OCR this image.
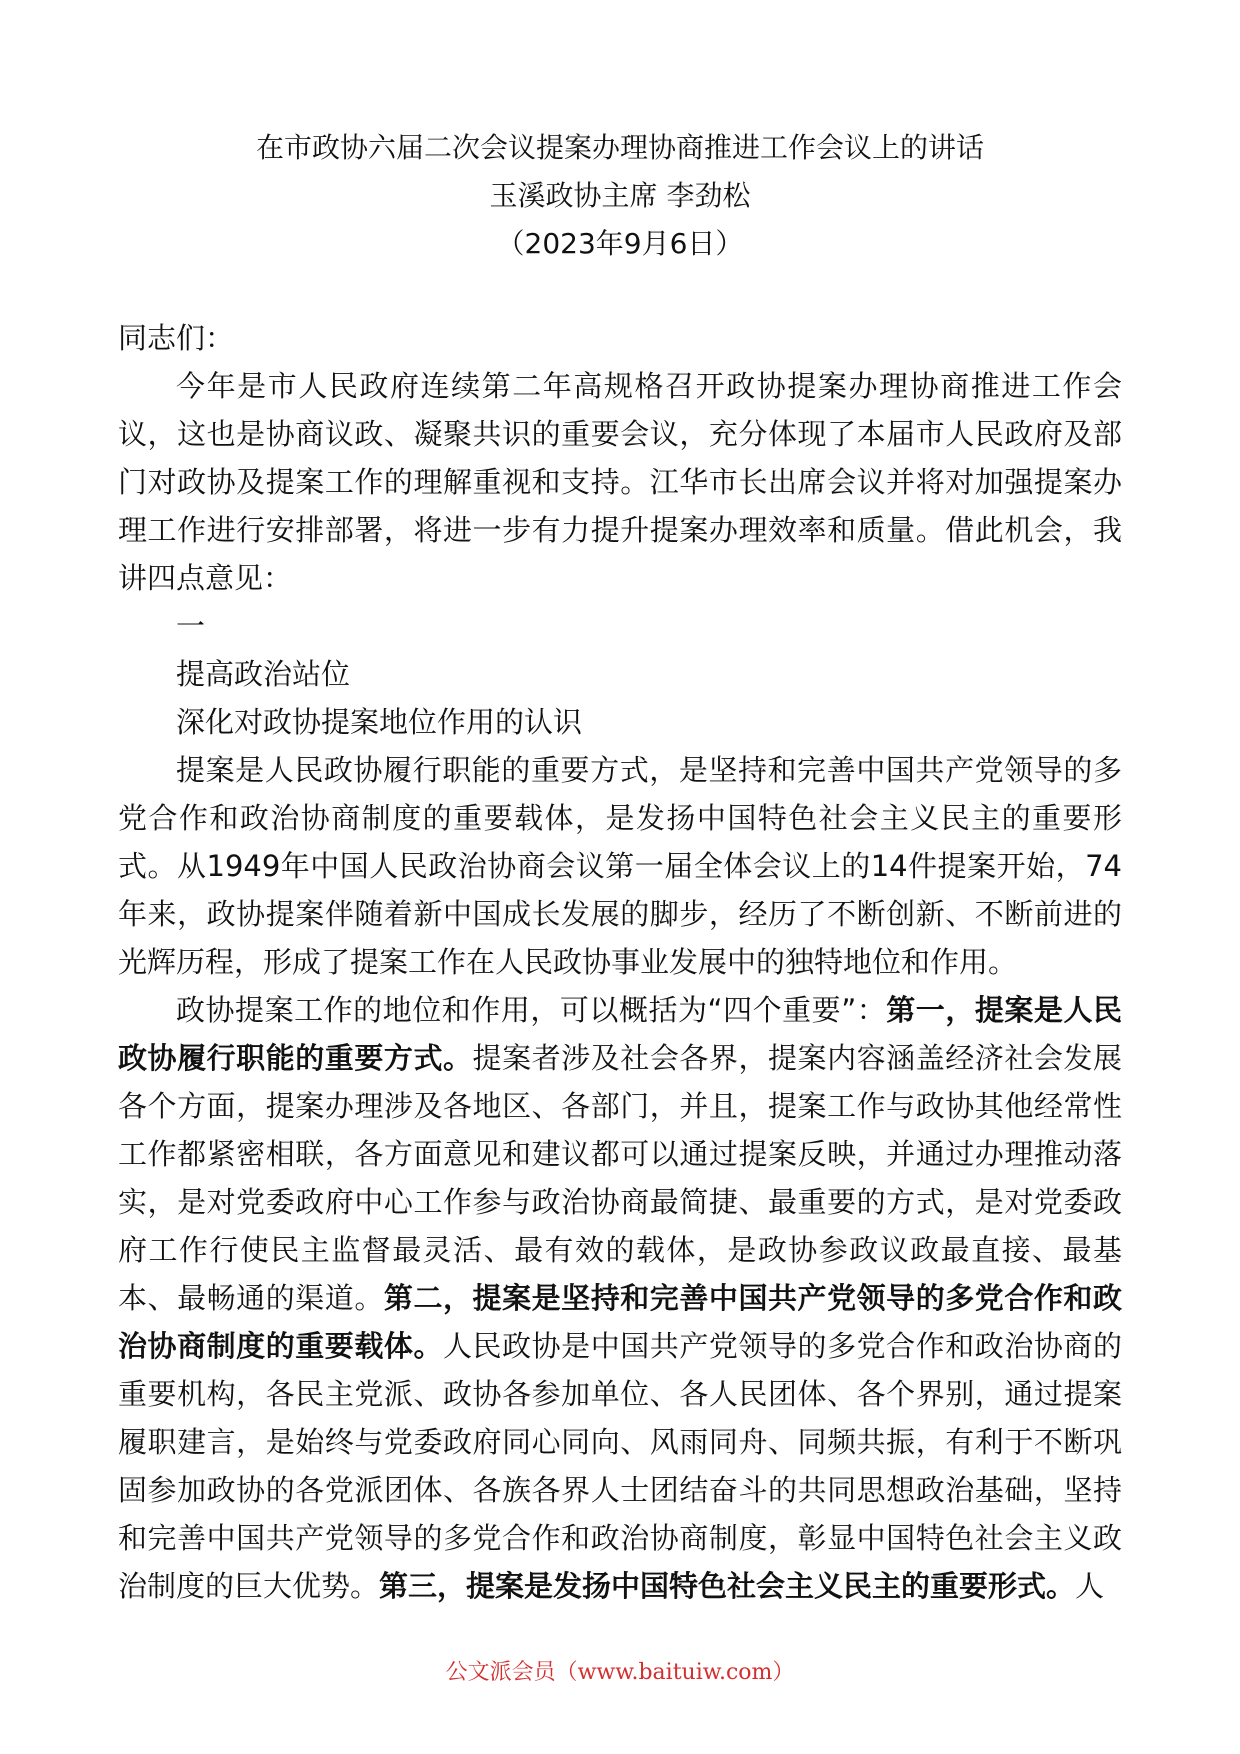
在市政协六届二次会议提案办理协商推进工作会议上的讲话
玉溪政协主席 李劲松
（2023年9月6日）

同志们：

今年是市人民政府连续第二年高规格召开政协提案办理协商推进工作会议，这也是协商议政、凝聚共识的重要会议，充分体现了本届市人民政府及部门对政协及提案工作的理解重视和支持。江华市长出席会议并将对加强提案办理工作进行安排部署，将进一步有力提升提案办理效率和质量。借此机会，我讲四点意见：

一

提高政治站位

深化对政协提案地位作用的认识

提案是人民政协履行职能的重要方式，是坚持和完善中国共产党领导的多党合作和政治协商制度的重要载体，是发扬中国特色社会主义民主的重要形式。从1949年中国人民政治协商会议第一届全体会议上的14件提案开始，74年来，政协提案伴随着新中国成长发展的脚步，经历了不断创新、不断前进的光辉历程，形成了提案工作在人民政协事业发展中的独特地位和作用。

政协提案工作的地位和作用，可以概括为“四个重要”：第一，提案是人民政协履行职能的重要方式。提案者涉及社会各界，提案内容涵盖经济社会发展各个方面，提案办理涉及各地区、各部门，并且，提案工作与政协其他经常性工作都紧密相联，各方面意见和建议都可以通过提案反映，并通过办理推动落实，是对党委政府中心工作参与政治协商最简捷、最重要的方式，是对党委政府工作行使民主监督最灵活、最有效的载体，是政协参政议政最直接、最基本、最畅通的渠道。第二，提案是坚持和完善中国共产党领导的多党合作和政治协商制度的重要载体。人民政协是中国共产党领导的多党合作和政治协商的重要机构，各民主党派、政协各参加单位、各人民团体、各个界别，通过提案履职建言，是始终与党委政府同心同向、风雨同舟、同频共振，有利于不断巩固参加政协的各党派团体、各族各界人士团结奋斗的共同思想政治基础，坚持和完善中国共产党领导的多党合作和政治协商制度，彰显中国特色社会主义政治制度的巨大优势。第三，提案是发扬中国特色社会主义民主的重要形式。人

公文派会员（www.baituiw.com）
